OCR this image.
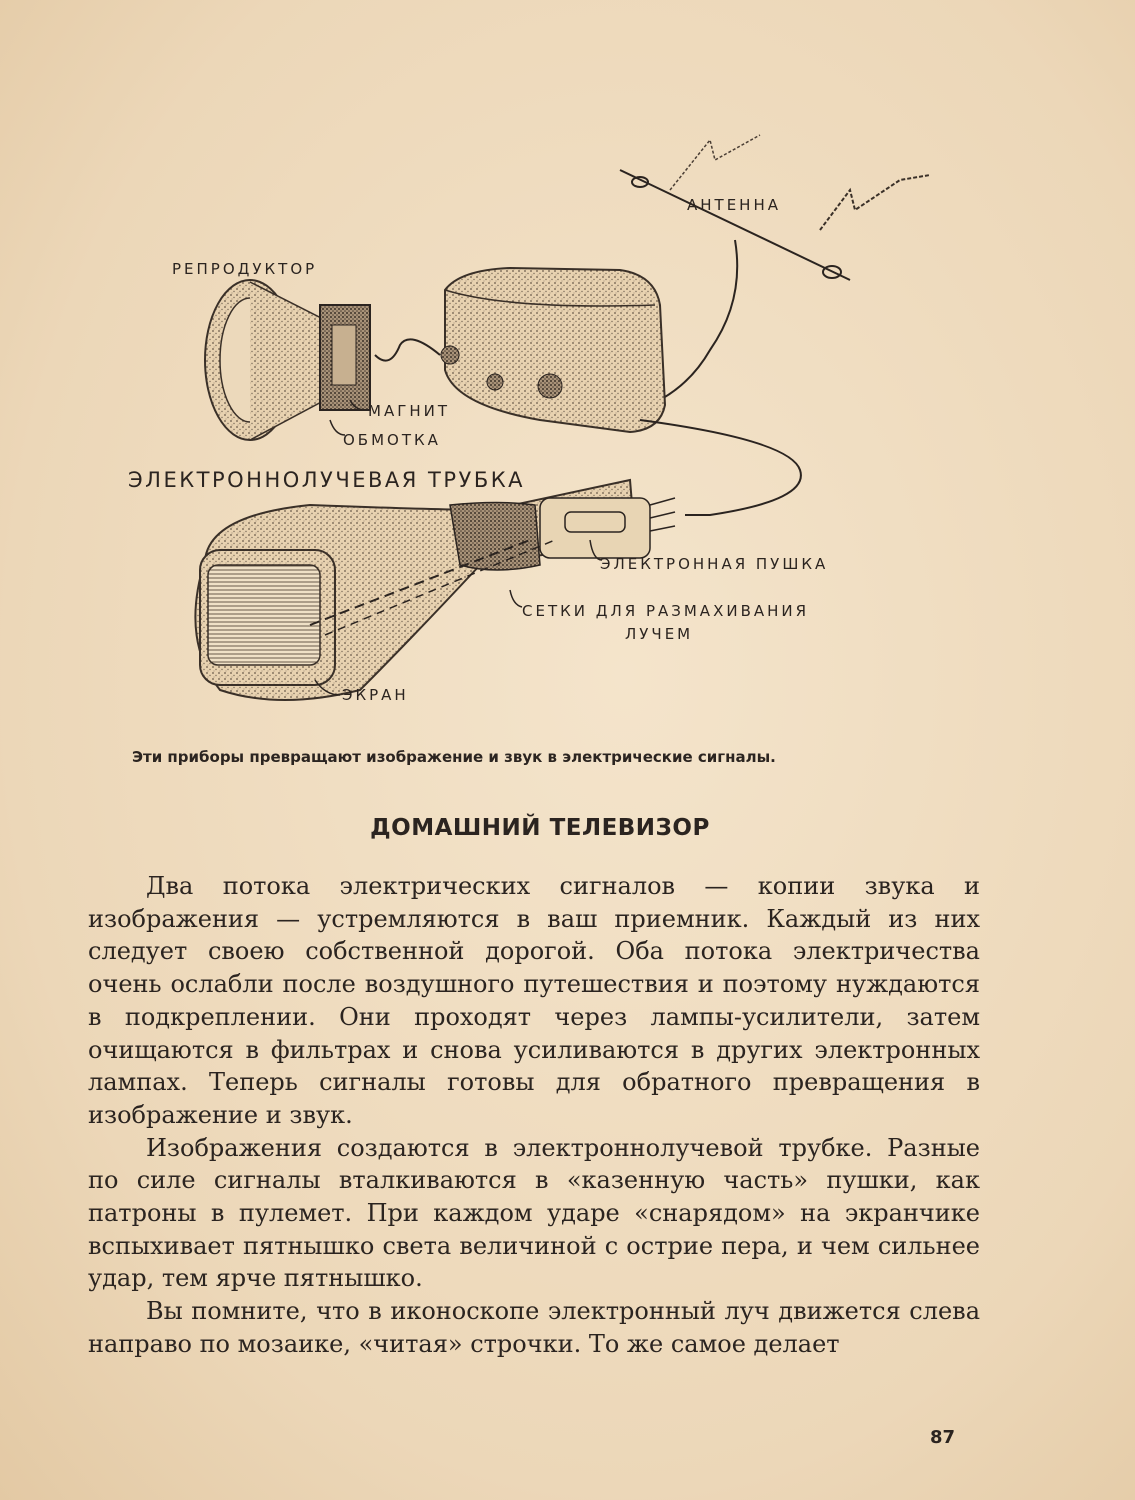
АНТЕННА
РЕПРОДУКТОР
МАГНИТ
ОБМОТКА
ЭЛЕКТРОННОЛУЧЕВАЯ ТРУБКА
ЭЛЕКТРОННАЯ ПУШКА
СЕТКИ ДЛЯ РАЗМАХИВАНИЯ
ЛУЧЕМ
ЭКРАН
Эти приборы превращают изображение и звук в электрические сигналы.
ДОМАШНИЙ ТЕЛЕВИЗОР

Два потока электрических сигналов — копии звука и изображения — устремляются в ваш приемник. Каждый из них следует своею собственной дорогой. Оба потока электричества очень ослабли после воздушного путешествия и поэтому нуждаются в подкреплении. Они проходят через лампы-усилители, затем очищаются в фильтрах и снова усиливаются в других электронных лампах. Теперь сигналы готовы для обратного превращения в изображение и звук.

Изображения создаются в электроннолучевой трубке. Разные по силе сигналы вталкиваются в «казенную часть» пушки, как патроны в пулемет. При каждом ударе «снарядом» на экранчике вспыхивает пятнышко света величиной с острие пера, и чем сильнее удар, тем ярче пятнышко.

Вы помните, что в иконоскопе электронный луч движется слева направо по мозаике, «читая» строчки. То же самое делает

87
